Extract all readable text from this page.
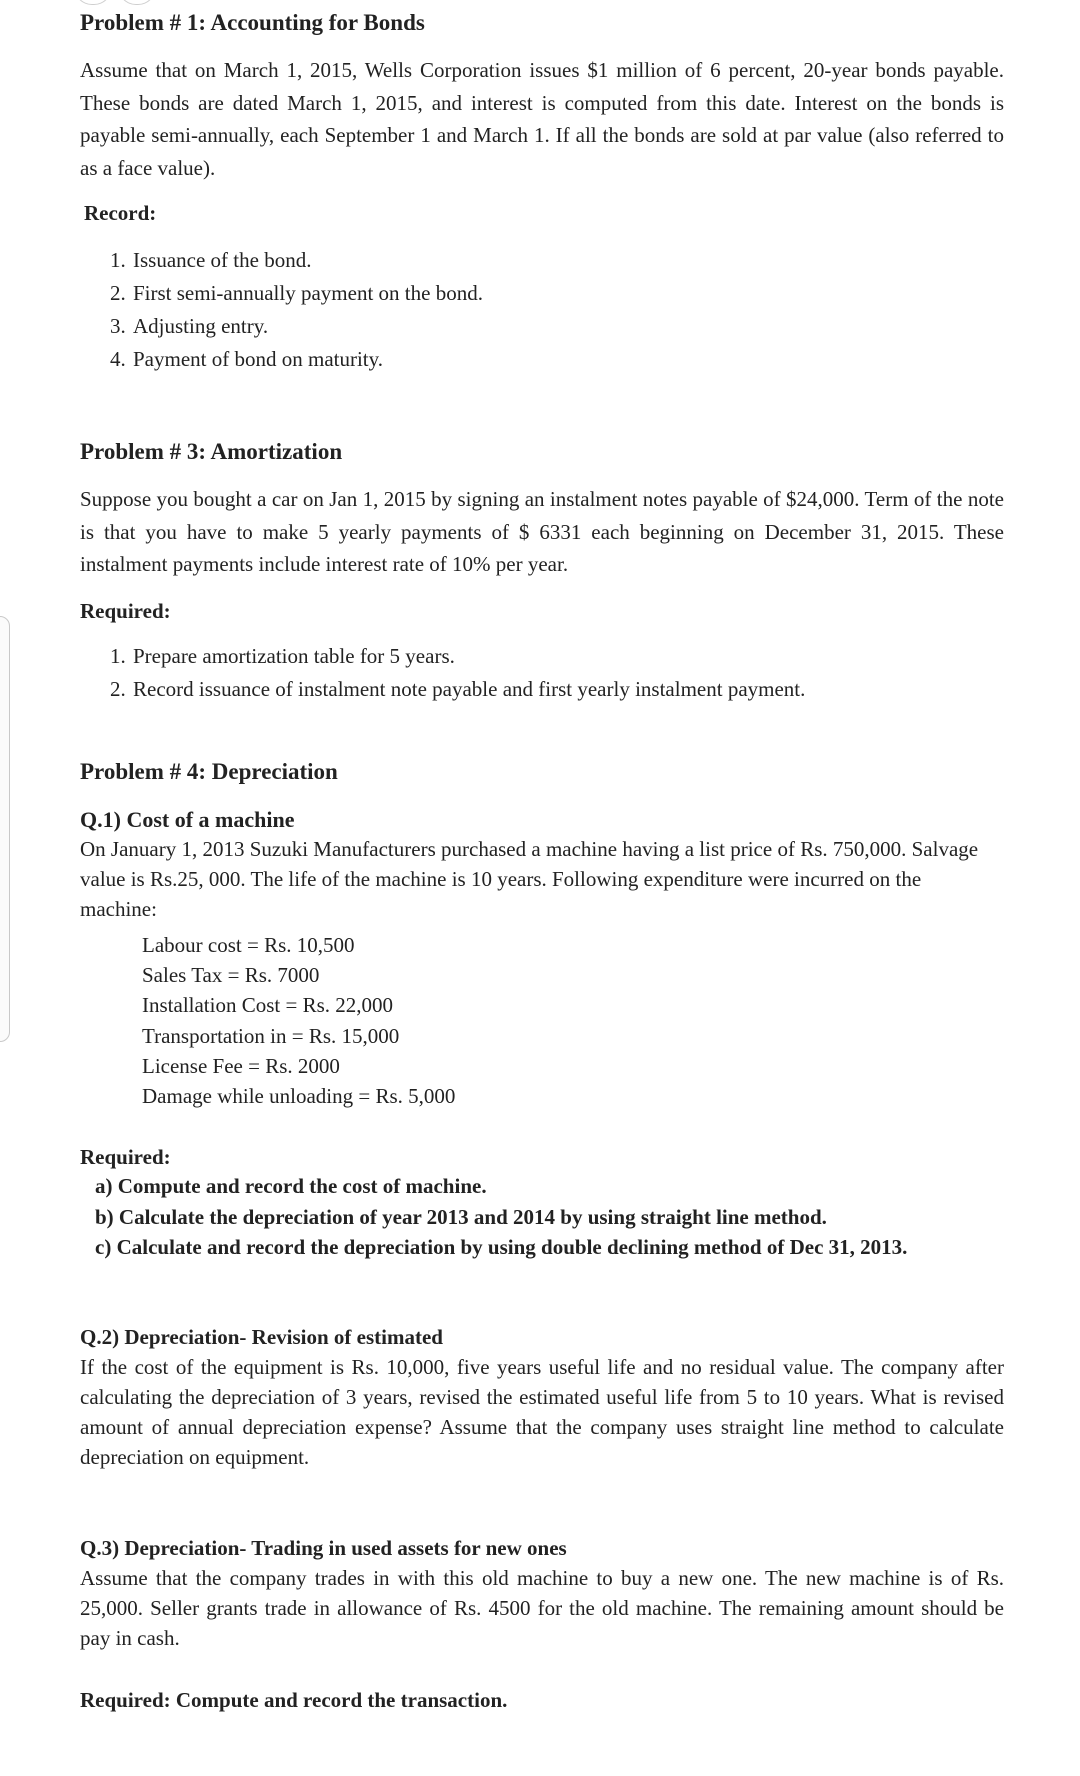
Problem # 1: Accounting for Bonds
Assume that on March 1, 2015, Wells Corporation issues $1 million of 6 percent, 20-year bonds payable. These bonds are dated March 1, 2015, and interest is computed from this date. Interest on the bonds is payable semi-annually, each September 1 and March 1. If all the bonds are sold at par value (also referred to as a face value).
Record:
1. Issuance of the bond.
2. First semi-annually payment on the bond.
3. Adjusting entry.
4. Payment of bond on maturity.
Problem # 3: Amortization
Suppose you bought a car on Jan 1, 2015 by signing an instalment notes payable of $24,000. Term of the note is that you have to make 5 yearly payments of $ 6331 each beginning on December 31, 2015. These instalment payments include interest rate of 10% per year.
Required:
1. Prepare amortization table for 5 years.
2. Record issuance of instalment note payable and first yearly instalment payment.
Problem # 4: Depreciation
Q.1) Cost of a machine
On January 1, 2013 Suzuki Manufacturers purchased a machine having a list price of Rs. 750,000. Salvage value is Rs.25, 000. The life of the machine is 10 years. Following expenditure were incurred on the machine:
Labour cost = Rs. 10,500
Sales Tax = Rs. 7000
Installation Cost = Rs. 22,000
Transportation in = Rs. 15,000
License Fee = Rs. 2000
Damage while unloading = Rs. 5,000
Required:
a) Compute and record the cost of machine.
b) Calculate the depreciation of year 2013 and 2014 by using straight line method.
c) Calculate and record the depreciation by using double declining method of Dec 31, 2013.
Q.2) Depreciation- Revision of estimated
If the cost of the equipment is Rs. 10,000, five years useful life and no residual value. The company after calculating the depreciation of 3 years, revised the estimated useful life from 5 to 10 years. What is revised amount of annual depreciation expense? Assume that the company uses straight line method to calculate depreciation on equipment.
Q.3) Depreciation- Trading in used assets for new ones
Assume that the company trades in with this old machine to buy a new one. The new machine is of Rs. 25,000. Seller grants trade in allowance of Rs. 4500 for the old machine. The remaining amount should be pay in cash.
Required: Compute and record the transaction.
